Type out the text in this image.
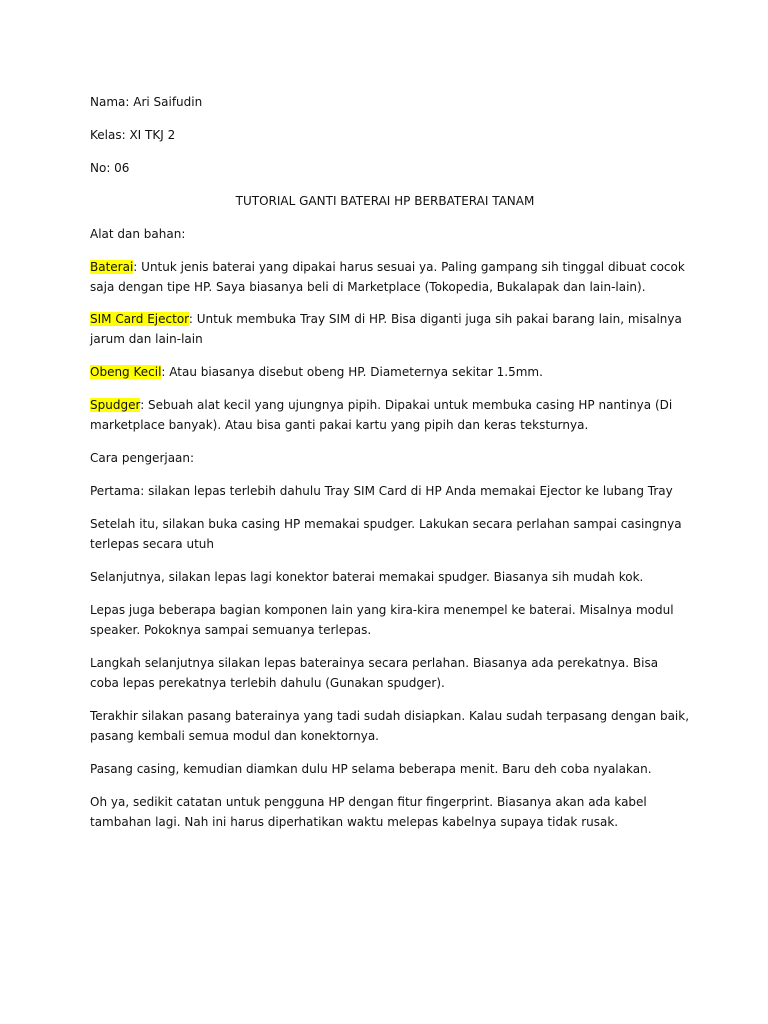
Nama: Ari Saifudin
Kelas: XI TKJ 2
No: 06
TUTORIAL GANTI BATERAI HP BERBATERAI TANAM
Alat dan bahan:
Baterai: Untuk jenis baterai yang dipakai harus sesuai ya. Paling gampang sih tinggal dibuat cocok saja dengan tipe HP. Saya biasanya beli di Marketplace (Tokopedia, Bukalapak dan lain-lain).
SIM Card Ejector: Untuk membuka Tray SIM di HP. Bisa diganti juga sih pakai barang lain, misalnya jarum dan lain-lain
Obeng Kecil: Atau biasanya disebut obeng HP. Diameternya sekitar 1.5mm.
Spudger: Sebuah alat kecil yang ujungnya pipih. Dipakai untuk membuka casing HP nantinya (Di marketplace banyak). Atau bisa ganti pakai kartu yang pipih dan keras teksturnya.
Cara pengerjaan:
Pertama: silakan lepas terlebih dahulu Tray SIM Card di HP Anda memakai Ejector ke lubang Tray
Setelah itu, silakan buka casing HP memakai spudger. Lakukan secara perlahan sampai casingnya terlepas secara utuh
Selanjutnya, silakan lepas lagi konektor baterai memakai spudger. Biasanya sih mudah kok.
Lepas juga beberapa bagian komponen lain yang kira-kira menempel ke baterai. Misalnya modul speaker. Pokoknya sampai semuanya terlepas.
Langkah selanjutnya silakan lepas baterainya secara perlahan. Biasanya ada perekatnya. Bisa coba lepas perekatnya terlebih dahulu (Gunakan spudger).
Terakhir silakan pasang baterainya yang tadi sudah disiapkan. Kalau sudah terpasang dengan baik, pasang kembali semua modul dan konektornya.
Pasang casing, kemudian diamkan dulu HP selama beberapa menit. Baru deh coba nyalakan.
Oh ya, sedikit catatan untuk pengguna HP dengan fitur fingerprint. Biasanya akan ada kabel tambahan lagi. Nah ini harus diperhatikan waktu melepas kabelnya supaya tidak rusak.
